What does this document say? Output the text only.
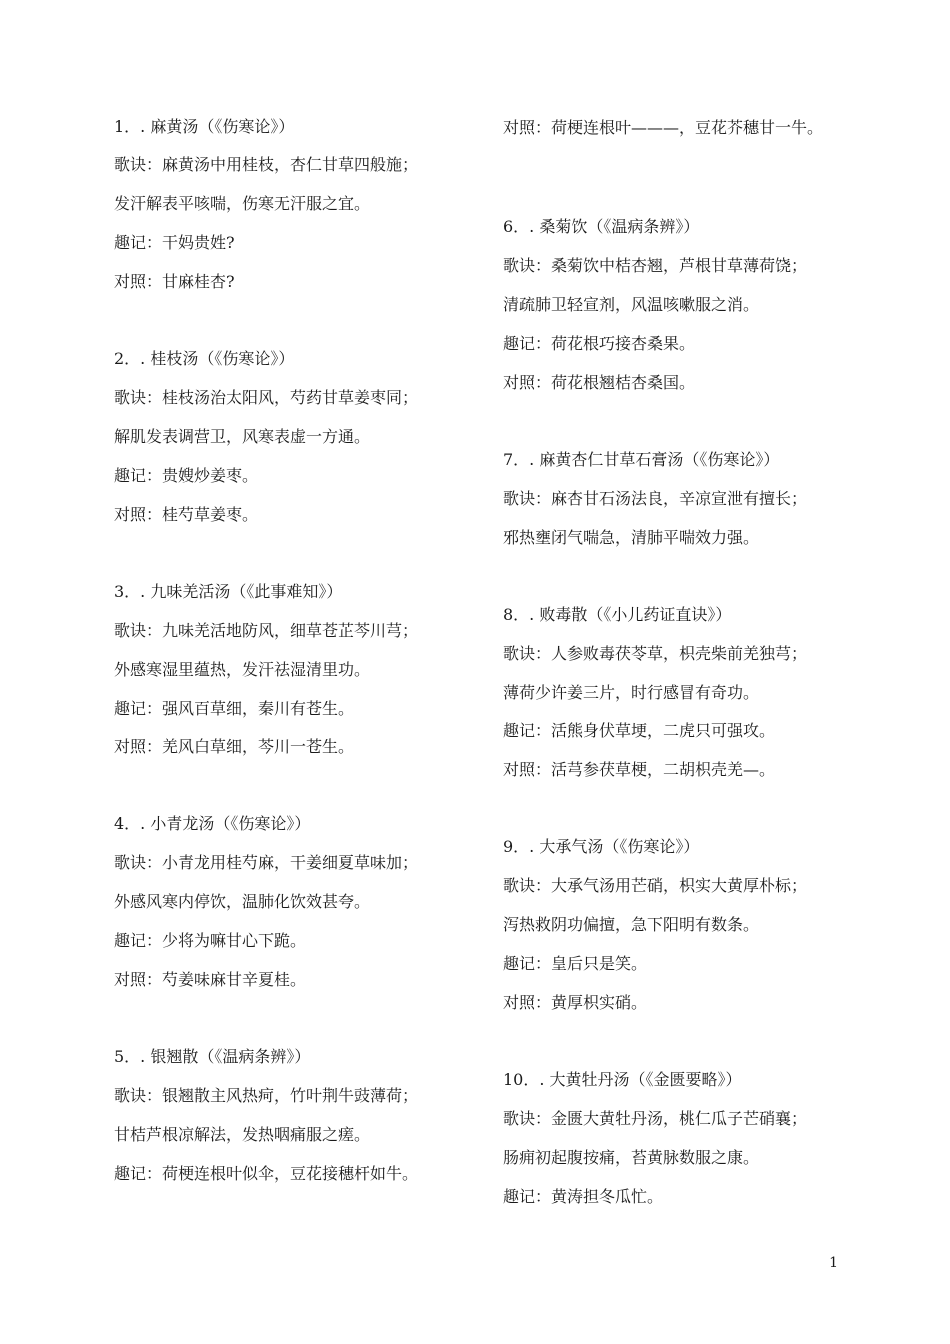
1．. 麻黄汤（《伤寒论》）
歌诀：麻黄汤中用桂枝，杏仁甘草四般施；
发汗解表平咳喘，伤寒无汗服之宜。
趣记：干妈贵姓?
对照：甘麻桂杏?
2．. 桂枝汤（《伤寒论》）
歌诀：桂枝汤治太阳风，芍药甘草姜枣同；
解肌发表调营卫，风寒表虚一方通。
趣记：贵嫂炒姜枣。
对照：桂芍草姜枣。
3．. 九味羌活汤（《此事难知》）
歌诀：九味羌活地防风，细草苍芷芩川芎；
外感寒湿里蕴热，发汗祛湿清里功。
趣记：强风百草细，秦川有苍生。
对照：羌风白草细，芩川一苍生。
4．. 小青龙汤（《伤寒论》）
歌诀：小青龙用桂芍麻，干姜细夏草味加；
外感风寒内停饮，温肺化饮效甚夸。
趣记：少将为嘛甘心下跪。
对照：芍姜味麻甘辛夏桂。
5．. 银翘散（《温病条辨》）
歌诀：银翘散主风热疴，竹叶荆牛豉薄荷；
甘桔芦根凉解法，发热咽痛服之瘥。
趣记：荷梗连根叶似伞，豆花接穗杆如牛。
对照：荷梗连根叶———，豆花芥穗甘一牛。
6．. 桑菊饮（《温病条辨》）
歌诀：桑菊饮中桔杏翘，芦根甘草薄荷饶；
清疏肺卫轻宣剂，风温咳嗽服之消。
趣记：荷花根巧接杏桑果。
对照：荷花根翘桔杏桑国。
7．. 麻黄杏仁甘草石膏汤（《伤寒论》）
歌诀：麻杏甘石汤法良，辛凉宣泄有擅长；
邪热壅闭气喘急，清肺平喘效力强。
8．. 败毒散（《小儿药证直诀》）
歌诀：人参败毒茯苓草，枳壳柴前羌独芎；
薄荷少许姜三片，时行感冒有奇功。
趣记：活熊身伏草埂，二虎只可强攻。
对照：活芎参茯草梗，二胡枳壳羌—。
9．. 大承气汤（《伤寒论》）
歌诀：大承气汤用芒硝，枳实大黄厚朴标；
泻热救阴功偏擅，急下阳明有数条。
趣记：皇后只是笑。
对照：黄厚枳实硝。
10．. 大黄牡丹汤（《金匮要略》）
歌诀：金匮大黄牡丹汤，桃仁瓜子芒硝襄；
肠痈初起腹按痛，苔黄脉数服之康。
趣记：黄涛担冬瓜忙。
1
